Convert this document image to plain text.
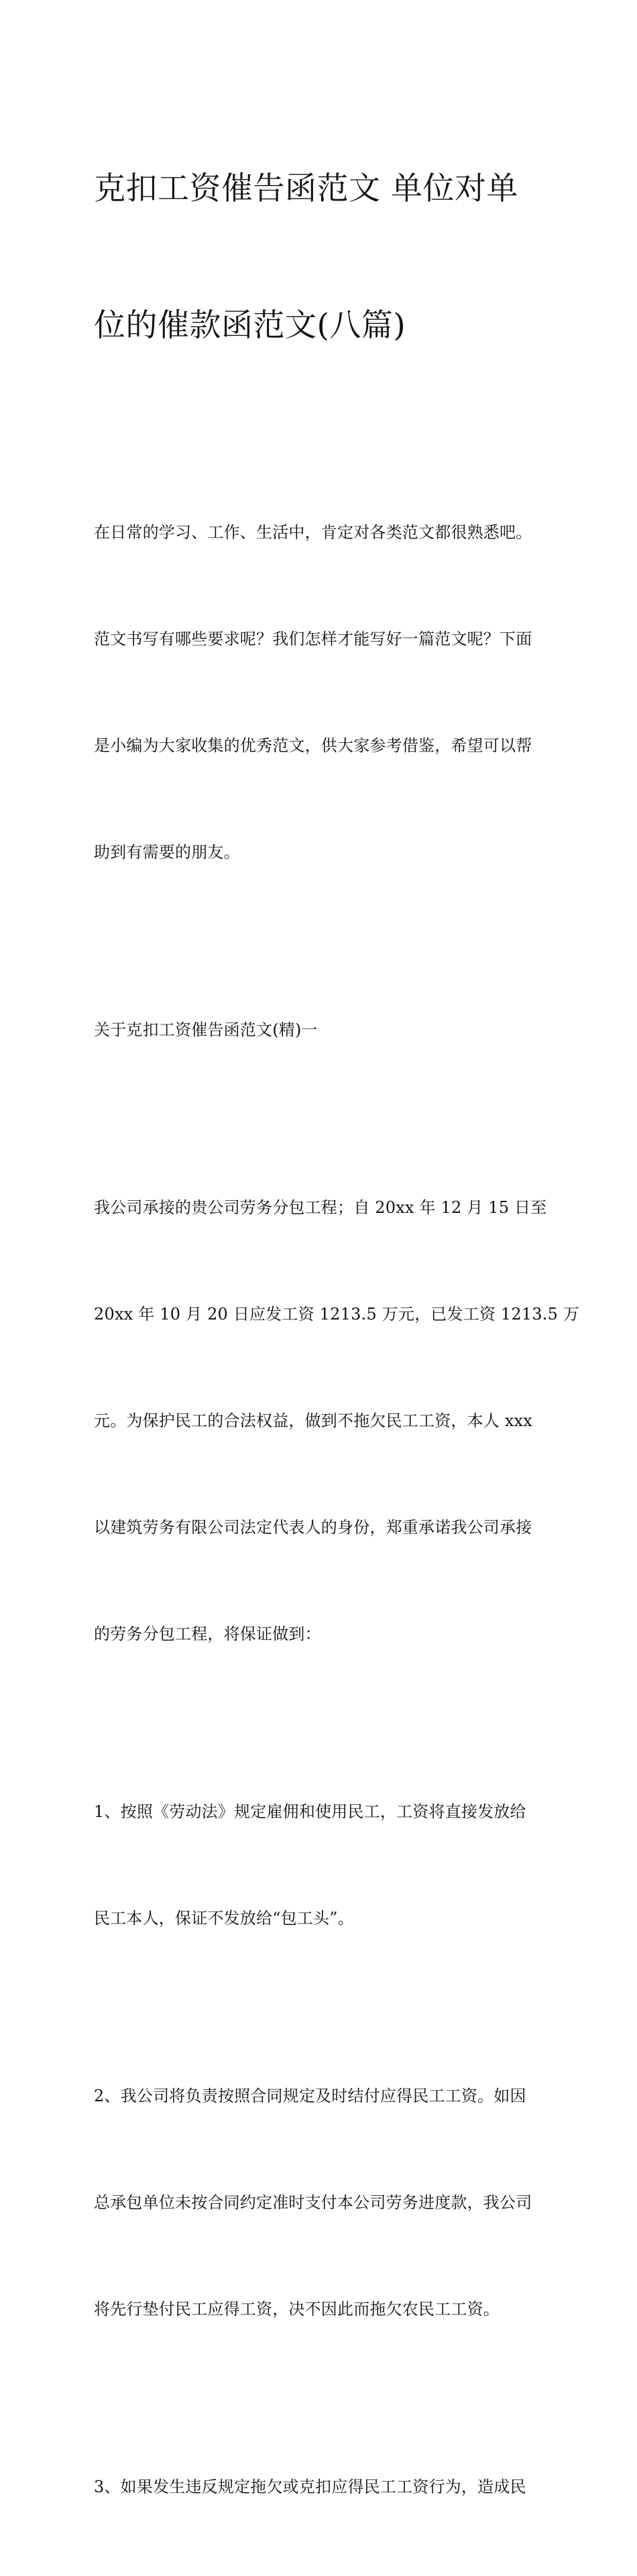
克扣工资催告函范文 单位对单

位的催款函范文(八篇)

在日常的学习、工作、生活中，肯定对各类范文都很熟悉吧。

范文书写有哪些要求呢？我们怎样才能写好一篇范文呢？下面

是小编为大家收集的优秀范文，供大家参考借鉴，希望可以帮

助到有需要的朋友。

关于克扣工资催告函范文(精)一

我公司承接的贵公司劳务分包工程；自 20xx 年 12 月 15 日至

20xx 年 10 月 20 日应发工资 1213.5 万元，已发工资 1213.5 万

元。为保护民工的合法权益，做到不拖欠民工工资，本人 xxx

以建筑劳务有限公司法定代表人的身份，郑重承诺我公司承接

的劳务分包工程，将保证做到：

1、按照《劳动法》规定雇佣和使用民工，工资将直接发放给

民工本人，保证不发放给“包工头”。

2、我公司将负责按照合同规定及时结付应得民工工资。如因

总承包单位未按合同约定准时支付本公司劳务进度款，我公司

将先行垫付民工应得工资，决不因此而拖欠农民工工资。

3、如果发生违反规定拖欠或克扣应得民工工资行为，造成民
